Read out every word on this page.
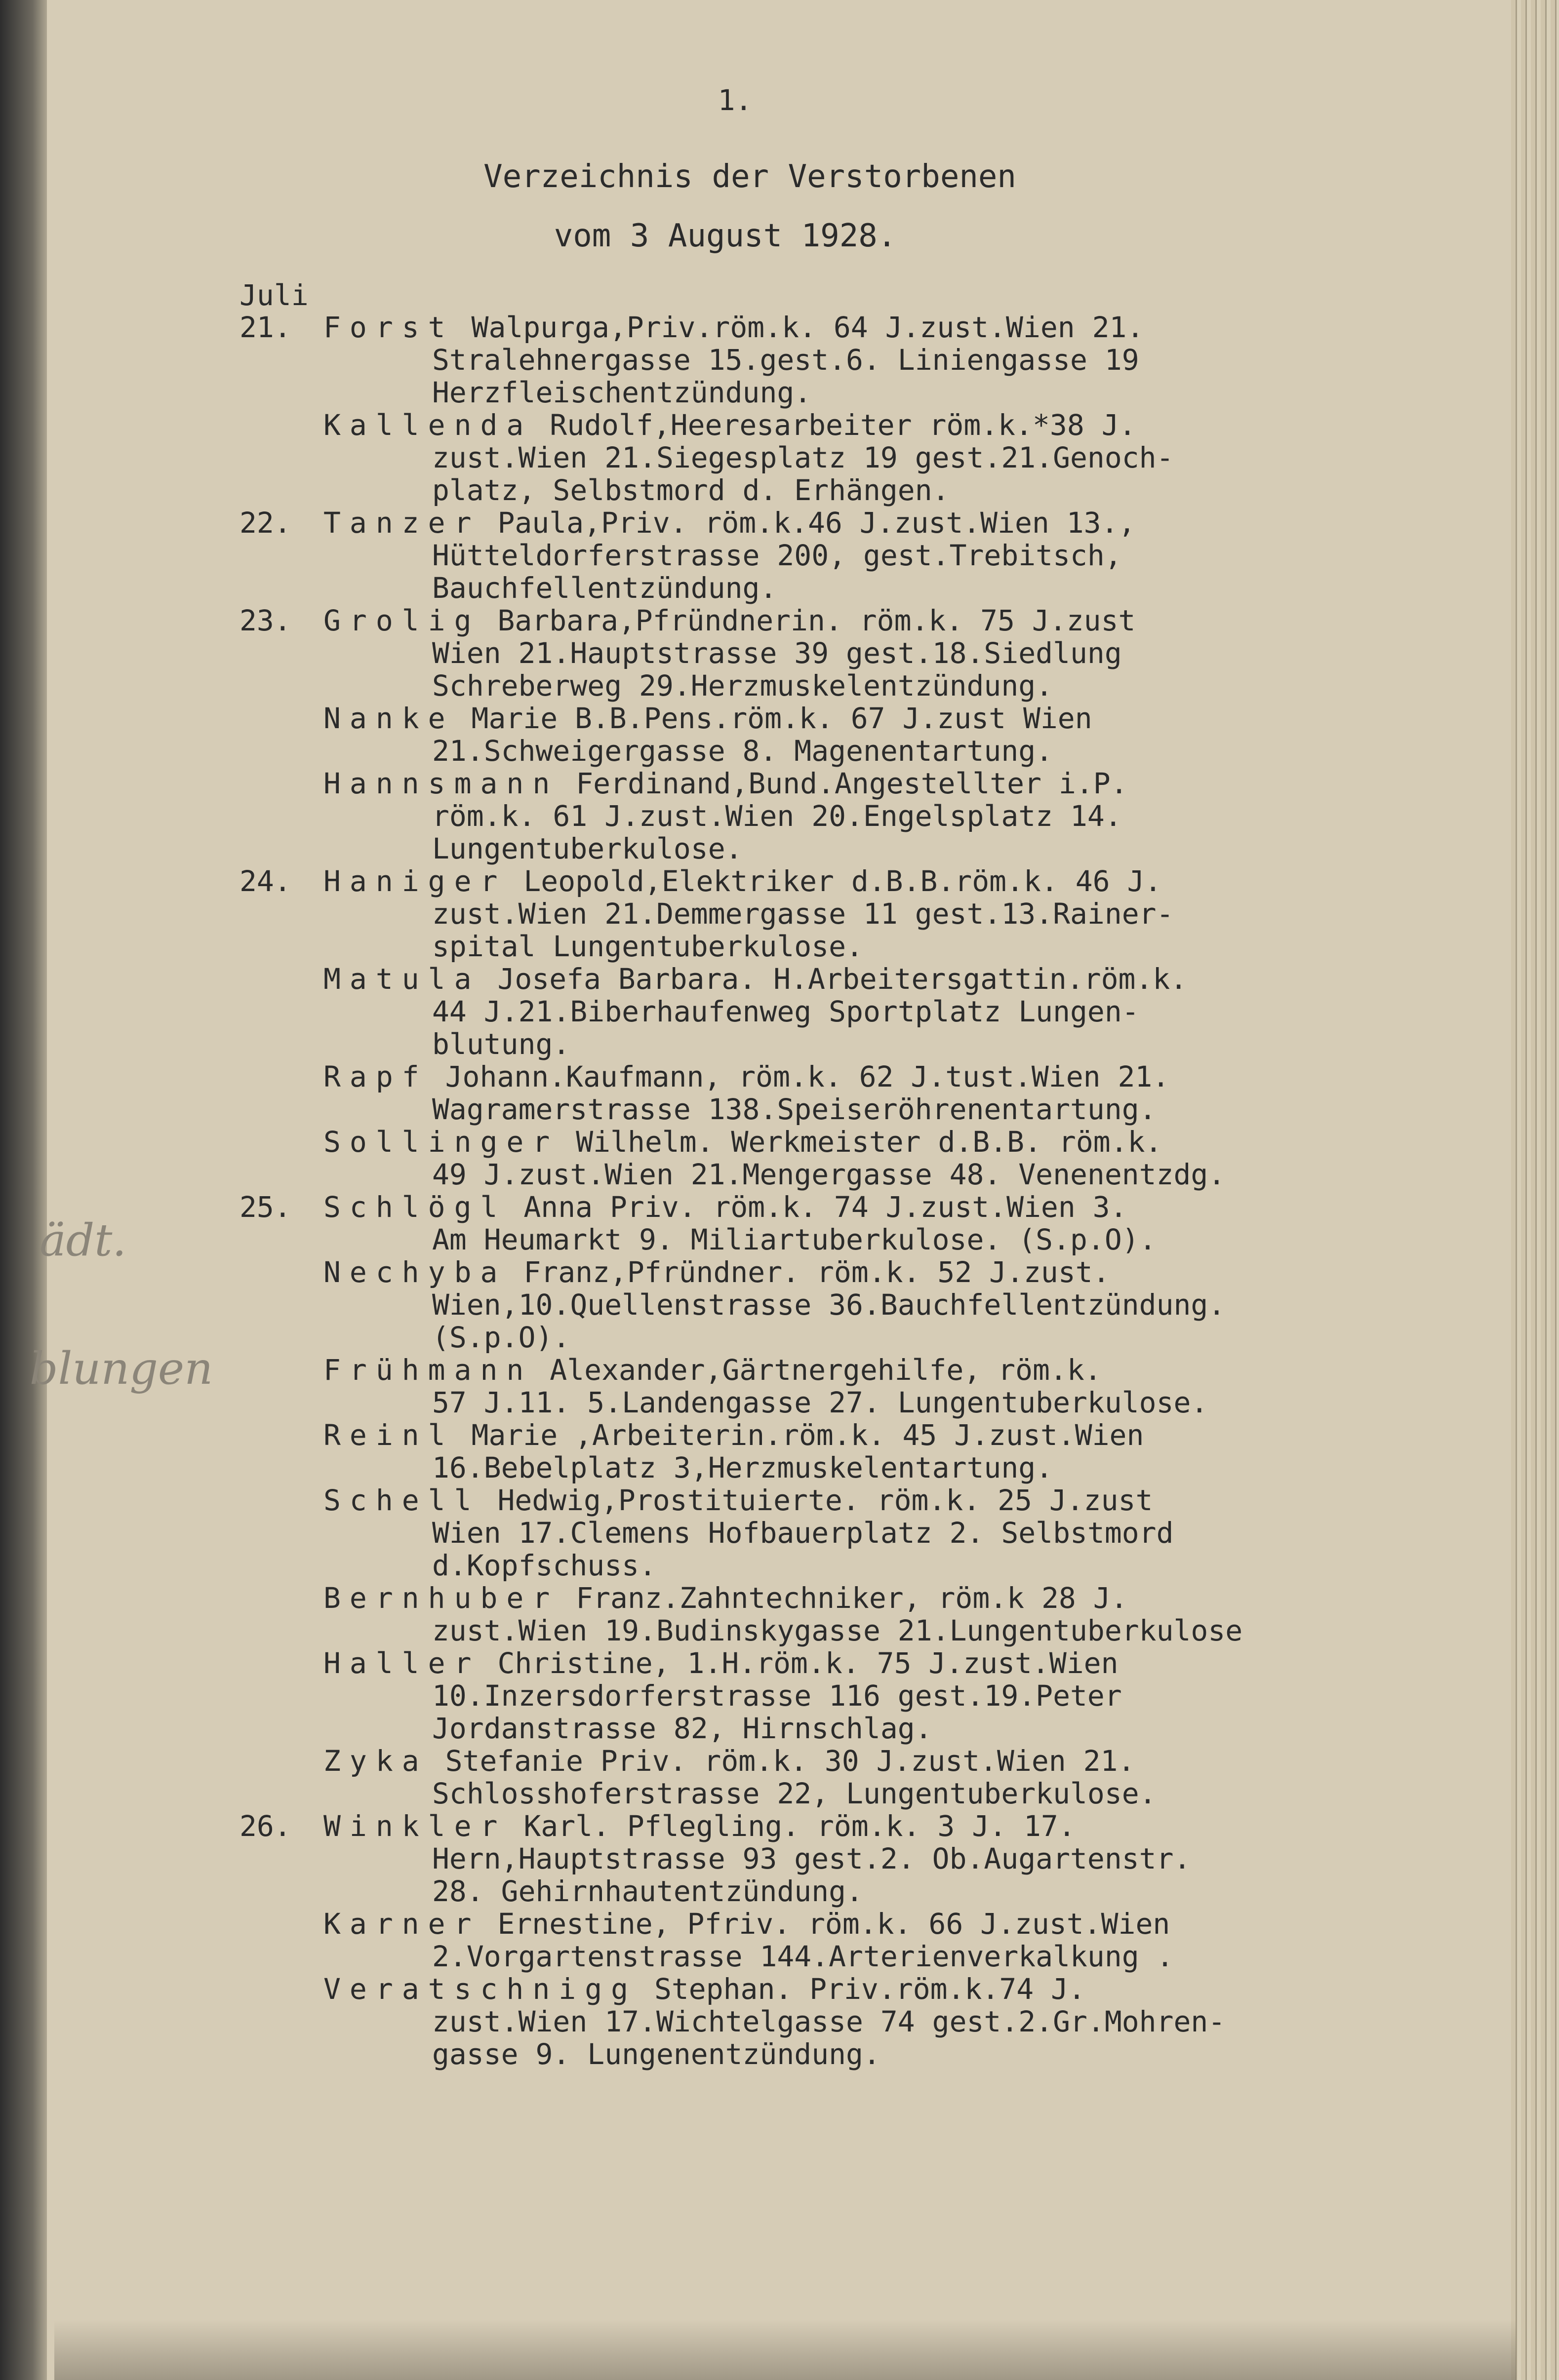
1.
Verzeichnis der Verstorbenen
vom 3 August 1928.
Juli
ädt.
blungen
21.	Forst Walpurga,Priv.röm.k. 64 J.zust.Wien 21.
Stralehnergasse 15.gest.6. Liniengasse 19
Herzfleischentzündung.
Kallenda Rudolf,Heeresarbeiter röm.k.*38 J.
zust.Wien 21.Siegesplatz 19 gest.21.Genoch-
platz, Selbstmord d. Erhängen.
22.	Tanzer Paula,Priv. röm.k.46 J.zust.Wien 13.,
Hütteldorferstrasse 200, gest.Trebitsch,
Bauchfellentzündung.
23.	Grolig Barbara,Pfründnerin. röm.k. 75 J.zust
Wien 21.Hauptstrasse 39 gest.18.Siedlung
Schreberweg 29.Herzmuskelentzündung.
Nanke Marie B.B.Pens.röm.k. 67 J.zust Wien
21.Schweigergasse 8. Magenentartung.
Hannsmann Ferdinand,Bund.Angestellter i.P.
röm.k. 61 J.zust.Wien 20.Engelsplatz 14.
Lungentuberkulose.
24.	Haniger Leopold,Elektriker d.B.B.röm.k. 46 J.
zust.Wien 21.Demmergasse 11 gest.13.Rainer-
spital Lungentuberkulose.
Matula Josefa Barbara. H.Arbeitersgattin.röm.k.
44 J.21.Biberhaufenweg Sportplatz Lungen-
blutung.
Rapf Johann.Kaufmann, röm.k. 62 J.tust.Wien 21.
Wagramerstrasse 138.Speiseröhrenentartung.
Sollinger Wilhelm. Werkmeister d.B.B. röm.k.
49 J.zust.Wien 21.Mengergasse 48. Venenentzdg.
25.	Schlögl Anna Priv. röm.k. 74 J.zust.Wien 3.
Am Heumarkt 9. Miliartuberkulose. (S.p.O).
Nechyba Franz,Pfründner. röm.k. 52 J.zust.
Wien,10.Quellenstrasse 36.Bauchfellentzündung.
(S.p.O).
Frühmann Alexander,Gärtnergehilfe, röm.k.
57 J.11. 5.Landengasse 27. Lungentuberkulose.
Reinl Marie ,Arbeiterin.röm.k. 45 J.zust.Wien
16.Bebelplatz 3,Herzmuskelentartung.
Schell Hedwig,Prostituierte. röm.k. 25 J.zust
Wien 17.Clemens Hofbauerplatz 2. Selbstmord
d.Kopfschuss.
Bernhuber Franz.Zahntechniker, röm.k 28 J.
zust.Wien 19.Budinskygasse 21.Lungentuberkulose
Haller Christine, 1.H.röm.k. 75 J.zust.Wien
10.Inzersdorferstrasse 116 gest.19.Peter
Jordanstrasse 82, Hirnschlag.
Zyka Stefanie Priv. röm.k. 30 J.zust.Wien 21.
Schlosshoferstrasse 22, Lungentuberkulose.
26.	Winkler Karl. Pflegling. röm.k. 3 J. 17.
Hern,Hauptstrasse 93 gest.2. Ob.Augartenstr.
28. Gehirnhautentzündung.
Karner Ernestine, Pfriv. röm.k. 66 J.zust.Wien
2.Vorgartenstrasse 144.Arterienverkalkung .
Veratschnigg Stephan. Priv.röm.k.74 J.
zust.Wien 17.Wichtelgasse 74 gest.2.Gr.Mohren-
gasse 9. Lungenentzündung.
